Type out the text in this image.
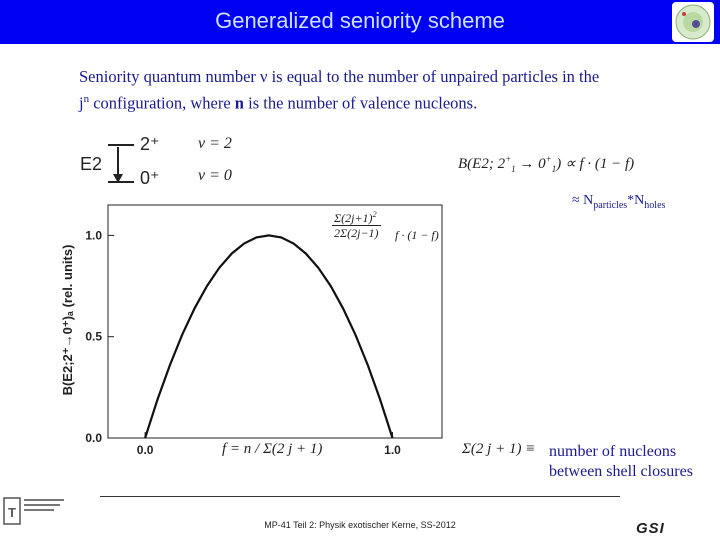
Generalized seniority scheme
Seniority quantum number ν is equal to the number of unpaired particles in the
$j^n$ configuration, where n is the number of valence nucleons.
2⁺
0⁺
E2
ν = 2
ν = 0
B(E2; $2^+_1 \to 0^+_1) \propto f \cdot (1 - f)$
≈ $N_{particles}*N_{holes}$
B(E2;2⁺→0⁺)ₐ (rel. units)
0.0
0.5
1.0
0.0	1.0
$\Sigma(2j+1)^2$
2Σ(2j−1) f · (1 − f)
f = n / Σ(2 j + 1)	Σ(2 j + 1) ≡ number of nucleons
between shell closures
T
MP-41 Teil 2: Physik exotischer Kerne, SS-2012	GSI
